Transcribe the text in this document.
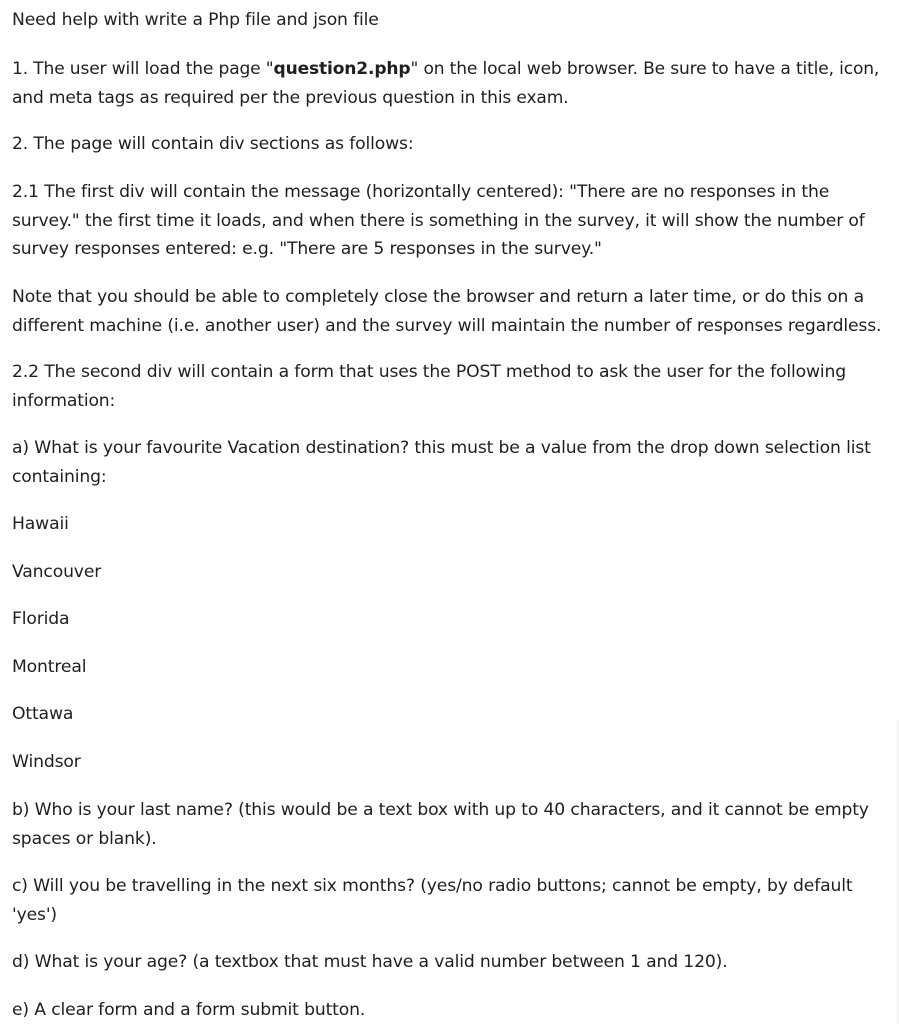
Need help with write a Php file and json file

1. The user will load the page "question2.php" on the local web browser. Be sure to have a title, icon,
and meta tags as required per the previous question in this exam.

2. The page will contain div sections as follows:

2.1 The first div will contain the message (horizontally centered): "There are no responses in the
survey." the first time it loads, and when there is something in the survey, it will show the number of
survey responses entered: e.g. "There are 5 responses in the survey."

Note that you should be able to completely close the browser and return a later time, or do this on a
different machine (i.e. another user) and the survey will maintain the number of responses regardless.

2.2 The second div will contain a form that uses the POST method to ask the user for the following
information:

a) What is your favourite Vacation destination? this must be a value from the drop down selection list
containing:

Hawaii

Vancouver

Florida

Montreal

Ottawa

Windsor

b) Who is your last name? (this would be a text box with up to 40 characters, and it cannot be empty
spaces or blank).

c) Will you be travelling in the next six months? (yes/no radio buttons; cannot be empty, by default
'yes')

d) What is your age? (a textbox that must have a valid number between 1 and 120).

e) A clear form and a form submit button.
